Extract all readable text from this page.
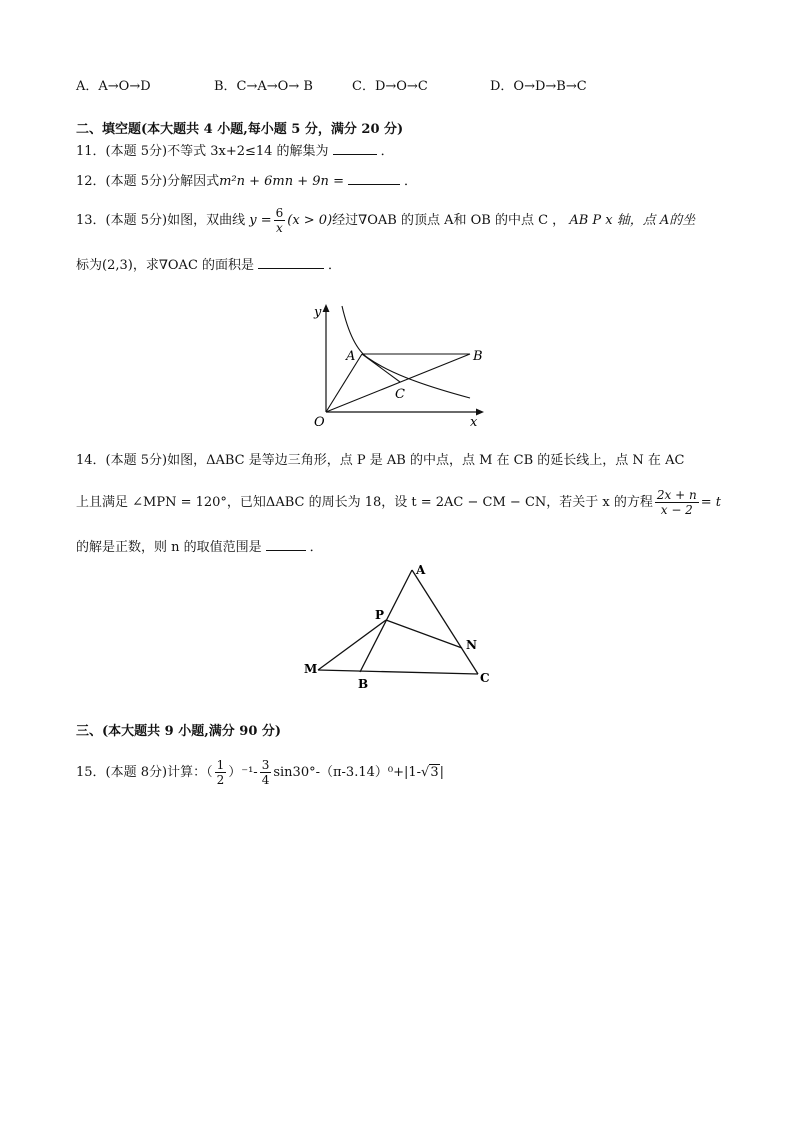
A．A→O→D	B．C→A→O→ B	C．D→O→C	D．O→D→B→C
二、填空题(本大题共 4 小题,每小题 5 分，满分 20 分)
11．(本题 5分)不等式 3x+2≤14 的解集为	．
12．(本题 5分)分解因式m²n + 6mn + 9n =	．
13．(本题 5分)如图，双曲线 $y = \frac{6}{x} (x > 0)$经过∇OAB 的顶点 A和 OB 的中点 C ， AB P x 轴，点 A的坐
标为(2,3)，求∇OAC 的面积是	．
y
x
O
A	B
C
14．(本题 5分)如图，ΔABC 是等边三角形，点 P 是 AB 的中点，点 M 在 CB 的延长线上，点 N 在 AC
上且满足 ∠MPN = 120°，已知ΔABC 的周长为 18，设 t = 2AC − CM − CN，若关于 x 的方程 $\frac{2x + n}{x - 2} = t$
的解是正数，则 n 的取值范围是	．
A
P
N
M
B	C
三、(本大题共 9 小题,满分 90 分)
15．(本题 8分)计算：（ $\frac{1}{2} )^{-1}- \frac{3}{4} \sin 30^\circ-(\pi-3.14)^0+|1-√3|$
